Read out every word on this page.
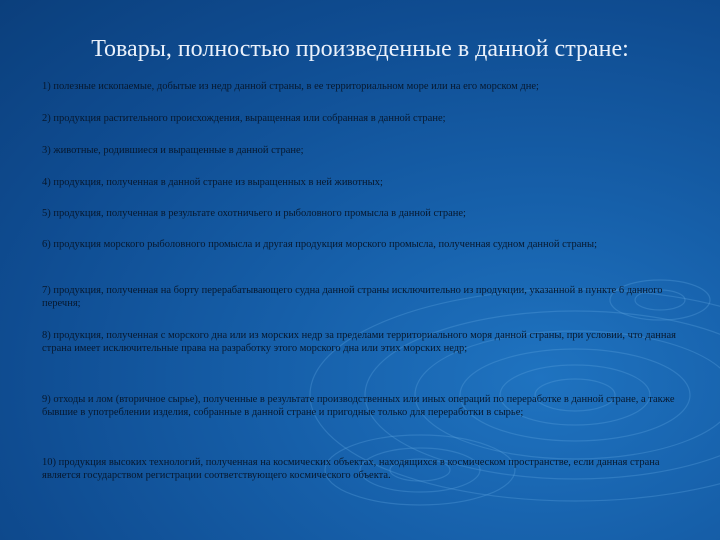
Товары, полностью произведенные в данной стране:

1) полезные ископаемые, добытые из недр данной страны, в ее территориальном море или на его морском дне;

2) продукция растительного происхождения, выращенная или собранная в данной стране;

3) животные, родившиеся и выращенные в данной стране;

4) продукция, полученная в данной стране из выращенных в ней животных;

5) продукция, полученная в результате охотничьего и рыболовного промысла в данной стране;

6) продукция морского рыболовного промысла и другая продукция морского промысла, полученная судном данной страны;

7) продукция, полученная на борту перерабатывающего судна данной страны исключительно из продукции, указанной в пункте 6 данного перечня;

8) продукция, полученная с морского дна или из морских недр за пределами территориального моря данной страны, при условии, что данная страна имеет исключительные права на разработку этого морского дна или этих морских недр;

9) отходы и лом (вторичное сырье), полученные в результате производственных или иных операций по переработке в данной стране, а также бывшие в употреблении изделия, собранные в данной стране и пригодные только для переработки в сырье;

10) продукция высоких технологий, полученная на космических объектах, находящихся в космическом пространстве, если данная страна является государством регистрации соответствующего космического объекта.
